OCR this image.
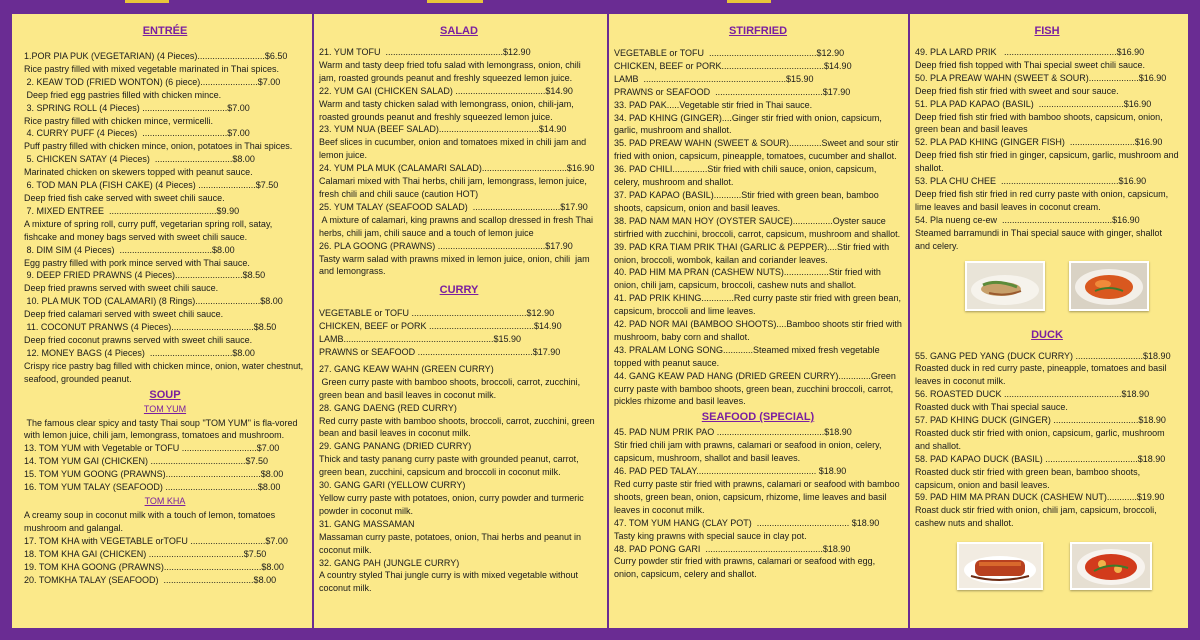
ENTRÉE
1.POR PIA PUK (VEGETARIAN) (4 Pieces)...........................$6.50
Rice pastry filled with mixed vegetable marinated in Thai spices.
2. KEAW TOD (FRIED WONTON) (6 piece).......................$7.00
Deep fried egg pastries filled with chicken mince.
3. SPRING ROLL (4 Pieces) ..................................$7.00
Rice pastry filled with chicken mince, vermicelli.
4. CURRY PUFF (4 Pieces)  ..................................$7.00
Puff pastry filled with chicken mince, onion, potatoes in Thai spices.
5. CHICKEN SATAY (4 Pieces)  ...............................$8.00
Marinated chicken on skewers topped with peanut sauce.
6. TOD MAN PLA (FISH CAKE) (4 Pieces) .......................$7.50
Deep fried fish cake served with sweet chili sauce.
7. MIXED ENTREE  ...........................................$9.90
A mixture of spring roll, curry puff, vegetarian spring roll, satay, fishcake and money bags served with sweet chili sauce.
8. DIM SIM (4 Pieces)  .....................................$8.00
Egg pastry filled with pork mince served with Thai sauce.
9. DEEP FRIED PRAWNS (4 Pieces)...........................$8.50
Deep fried prawns served with sweet chili sauce.
10. PLA MUK TOD (CALAMARI) (8 Rings)..........................$8.00
Deep fried calamari served with sweet chili sauce.
11. COCONUT PRANWS (4 Pieces).................................$8.50
Deep fried coconut prawns served with sweet chili sauce.
12. MONEY BAGS (4 Pieces)  .................................$8.00
Crispy rice pastry bag filled with chicken mince, onion, water chestnut, seafood, grounded peanut.
SOUP
TOM YUM
The famous clear spicy and tasty Thai soup "TOM YUM" is fla-vored with lemon juice, chili jam, lemongrass, tomatoes and mushroom.
13. TOM YUM with Vegetable or TOFU ..............................$7.00
14. TOM YUM GAI (CHICKEN) ......................................$7.50
15. TOM YUM GOONG (PRAWNS)......................................$8.00
16. TOM YUM TALAY (SEAFOOD) .....................................$8.00
TOM KHA
A creamy soup in coconut milk with a touch of lemon, tomatoes mushroom and galangal.
17. TOM KHA with VEGETABLE orTOFU ..............................$7.00
18. TOM KHA GAI (CHICKEN) ......................................$7.50
19. TOM KHA GOONG (PRAWNS).......................................$8.00
20. TOMKHA TALAY (SEAFOOD)  ....................................$8.00
SALAD
21. YUM TOFU  ...............................................$12.90
Warm and tasty deep fried tofu salad with lemongrass, onion, chili jam, roasted grounds peanut and freshly squeezed lemon juice.
22. YUM GAI (CHICKEN SALAD) ....................................$14.90
Warm and tasty chicken salad with lemongrass, onion, chili-jam, roasted grounds peanut and freshly squeezed lemon juice.
23. YUM NUA (BEEF SALAD)........................................$14.90
Beef slices in cucumber, onion and tomatoes mixed in chili jam and lemon juice.
24. YUM PLA MUK (CALAMARI SALAD)..................................$16.90
Calamari mixed with Thai herbs, chili jam, lemongrass, lemon juice, fresh chili and chili sauce (caution HOT)
25. YUM TALAY (SEAFOOD SALAD)  ...................................$17.90
A mixture of calamari, king prawns and scallop dressed in fresh Thai herbs, chili jam, chili sauce and a touch of lemon juice
26. PLA GOONG (PRAWNS) ...........................................$17.90
Tasty warm salad with prawns mixed in lemon juice, onion, chili  jam and lemongrass.
CURRY
VEGETABLE or TOFU ..............................................$12.90
CHICKEN, BEEF or PORK ..........................................$14.90
LAMB............................................................$15.90
PRAWNS or SEAFOOD ..............................................$17.90
27. GANG KEAW WAHN (GREEN CURRY)
Green curry paste with bamboo shoots, broccoli, carrot, zucchini, green bean and basil leaves in coconut milk.
28. GANG DAENG (RED CURRY)
Red curry paste with bamboo shoots, broccoli, carrot, zucchini, green bean and basil leaves in coconut milk.
29. GANG PANANG (DRIED CURRY)
Thick and tasty panang curry paste with grounded peanut, carrot, green bean, zucchini, capsicum and broccoli in coconut milk.
30. GANG GARI (YELLOW CURRY)
Yellow curry paste with potatoes, onion, curry powder and turmeric powder in coconut milk.
31. GANG MASSAMAN
Massaman curry paste, potatoes, onion, Thai herbs and peanut in coconut milk.
32. GANG PAH (JUNGLE CURRY)
A country styled Thai jungle curry is with mixed vegetable without coconut milk.
STIRFRIED
VEGETABLE or TOFU  ...........................................$12.90
CHICKEN, BEEF or PORK.........................................$14.90
LAMB  .........................................................$15.90
PRAWNS or SEAFOOD  ...........................................$17.90
33. PAD PAK.....Vegetable stir fried in Thai sauce.
34. PAD KHING (GINGER)....Ginger stir fried with onion, capsicum, garlic, mushroom and shallot.
35. PAD PREAW WAHN (SWEET & SOUR).............Sweet and sour stir fried with onion, capsicum, pineapple, tomatoes, cucumber and shallot.
36. PAD CHILI..............Stir fried with chili sauce, onion, capsicum, celery, mushroom and shallot.
37. PAD KAPAO (BASIL)...........Stir fried with green bean, bamboo shoots, capsicum, onion and basil leaves.
38. PAD NAM MAN HOY (OYSTER SAUCE)................Oyster sauce stirfried with zucchini, broccoli, carrot, capsicum, mushroom and shallot.
39. PAD KRA TIAM PRIK THAI (GARLIC & PEPPER)....Stir fried with onion, broccoli, wombok, kailan and coriander leaves.
40. PAD HIM MA PRAN (CASHEW NUTS)..................Stir fried with onion, chili jam, capsicum, broccoli, cashew nuts and shallot.
41. PAD PRIK KHING.............Red curry paste stir fried with green bean, capsicum, broccoli and lime leaves.
42. PAD NOR MAI (BAMBOO SHOOTS)....Bamboo shoots stir fried with mushroom, baby corn and shallot.
43. PRALAM LONG SONG............Steamed mixed fresh vegetable topped with peanut sauce.
44. GANG KEAW PAD HANG (DRIED GREEN CURRY).............Green curry paste with bamboo shoots, green bean, zucchini broccoli, carrot, pickles rhizome and basil leaves.
SEAFOOD (SPECIAL)
45. PAD NUM PRIK PAO ...........................................$18.90
Stir fried chili jam with prawns, calamari or seafood in onion, celery, capsicum, mushroom, shallot and basil leaves.
46. PAD PED TALAY................................................ $18.90
Red curry paste stir fried with prawns, calamari or seafood with bamboo shoots, green bean, onion, capsicum, rhizome, lime leaves and basil leaves in coconut milk.
47. TOM YUM HANG (CLAY POT)  ..................................... $18.90
Tasty king prawns with special sauce in clay pot.
48. PAD PONG GARI  ...............................................$18.90
Curry powder stir fried with prawns, calamari or seafood with egg, onion, capsicum, celery and shallot.
FISH
49. PLA LARD PRIK   .............................................$16.90
Deep fried fish topped with Thai special sweet chili sauce.
50. PLA PREAW WAHN (SWEET & SOUR)....................$16.90
Deep fried fish stir fried with sweet and sour sauce.
51. PLA PAD KAPAO (BASIL)  ..................................$16.90
Deep fried fish stir fried with bamboo shoots, capsicum, onion, green bean and basil leaves
52. PLA PAD KHING (GINGER FISH)  ..........................$16.90
Deep fried fish stir fried in ginger, capsicum, garlic, mushroom and shallot.
53. PLA CHU CHEE  ...............................................$16.90
Deep fried fish stir fried in red curry paste with onion, capsicum, lime leaves and basil leaves in coconut cream.
54. Pla nueng ce-ew  ............................................$16.90
Steamed barramundi in Thai special sauce with ginger, shallot and celery.
DUCK
55. GANG PED YANG (DUCK CURRY) ...........................$18.90
Roasted duck in red curry paste, pineapple, tomatoes and basil leaves in coconut milk.
56. ROASTED DUCK ...............................................$18.90
Roasted duck with Thai special sauce.
57. PAD KHING DUCK (GINGER) ..................................$18.90
Roasted duck stir fried with onion, capsicum, garlic, mushroom and shallot.
58. PAD KAPAO DUCK (BASIL) .....................................$18.90
Roasted duck stir fried with green bean, bamboo shoots, capsicum, onion and basil leaves.
59. PAD HIM MA PRAN DUCK (CASHEW NUT)............$19.90
Roast duck stir fried with onion, chili jam, capsicum, broccoli, cashew nuts and shallot.
